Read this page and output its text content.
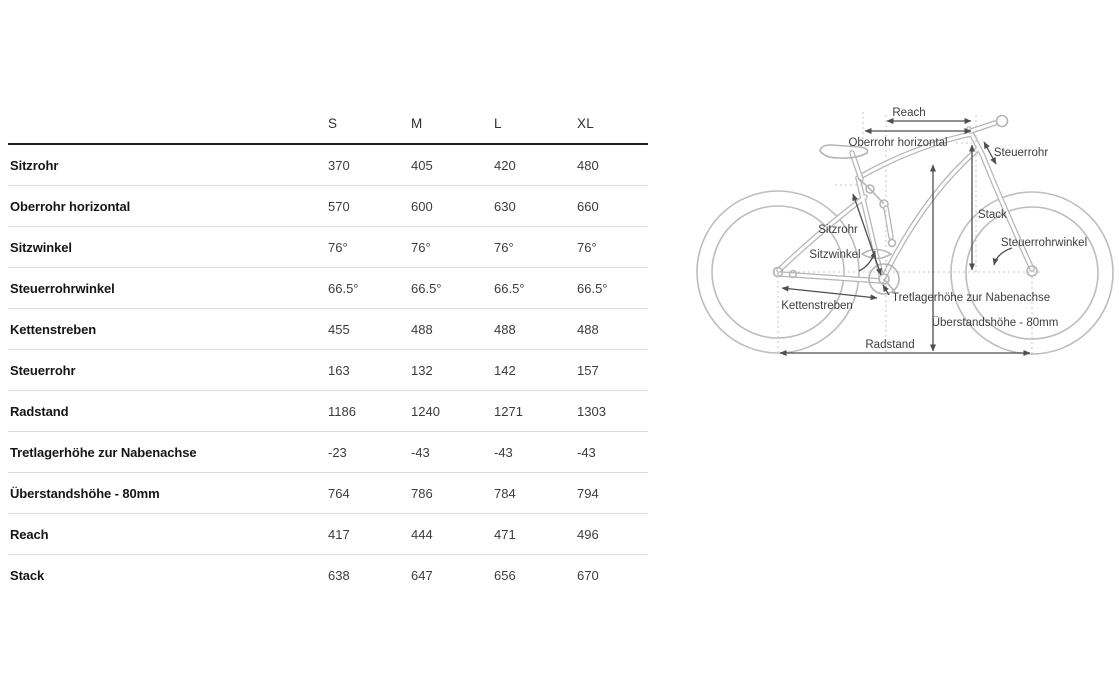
S	M	L	XL
Sitzrohr	370	405	420	480
Oberrohr horizontal	570	600	630	660
Sitzwinkel	76°	76°	76°	76°
Steuerrohrwinkel	66.5°	66.5°	66.5°	66.5°
Kettenstreben	455	488	488	488
Steuerrohr	163	132	142	157
Radstand	1186	1240	1271	1303
Tretlagerhöhe zur Nabenachse	-23	-43	-43	-43
Überstandshöhe - 80mm	764	786	784	794
Reach	417	444	471	496
Stack	638	647	656	670
Reach
Oberrohr horizontal
Steuerrohr
Sitzrohr
Sitzwinkel
Stack
Steuerrohrwinkel
Kettenstreben
Tretlagerhöhe zur Nabenachse
Überstandshöhe - 80mm
Radstand
